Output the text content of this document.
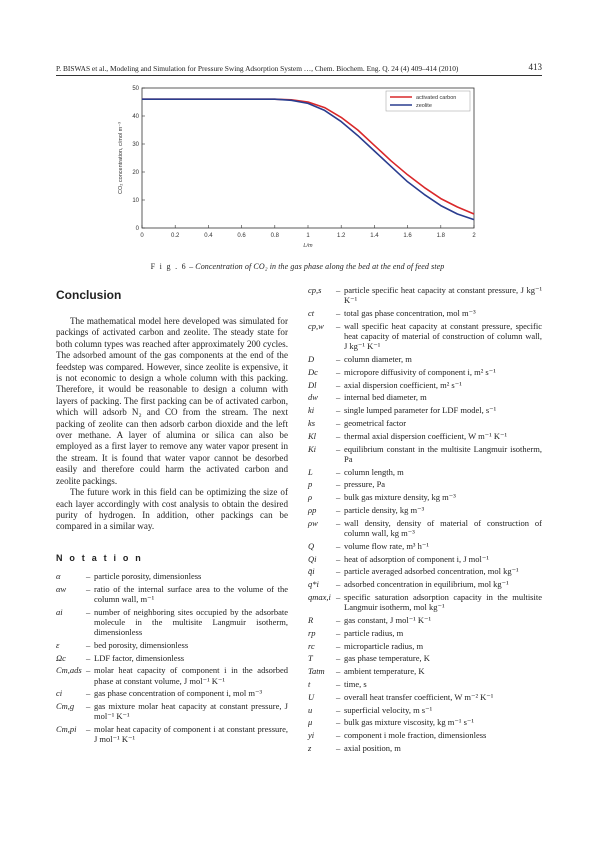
P. BISWAS et al., Modeling and Simulation for Pressure Swing Adsorption System …, Chem. Biochem. Eng. Q. 24 (4) 409–414 (2010)	413
0	0.2	0.4	0.6	0.8	1	1.2	1.4	1.6	1.8	2
0
10
20
30
40
50
L/m
CO₂ concentration, c/mol m⁻³
activated carbon
zeolite
F i g . 6 – Concentration of CO₂ in the gas phase along the bed at the end of feed step
Conclusion

The mathematical model here developed was simulated for packings of activated carbon and zeolite. The steady state for both column types was reached after approximately 200 cycles. The adsorbed amount of the gas components at the end of the feedstep was compared. However, since zeolite is expensive, it is not economic to design a whole column with this packing. Therefore, it would be reasonable to design a column with layers of packing. The first packing can be of activated carbon, which will adsorb N₂ and CO from the stream. The next packing of zeolite can then adsorb carbon dioxide and the left over methane. A layer of alumina or silica can also be employed as a first layer to remove any water vapor present in the stream. It is found that water vapor cannot be desorbed easily and therefore could harm the activated carbon and zeolite packings.

The future work in this field can be optimizing the size of each layer accordingly with cost analysis to obtain the desired purity of hydrogen. In addition, other packings can be compared in a similar way.

N o t a t i o n
α	– particle porosity, dimensionless
αw	– ratio of the internal surface area to the volume of the column wall, m⁻¹
ai	– number of neighboring sites occupied by the adsorbate molecule in the multisite Langmuir isotherm, dimensionless
ε	– bed porosity, dimensionless
Ωc	– LDF factor, dimensionless
Cm,ads – molar heat capacity of component i in the adsorbed phase at constant volume, J mol⁻¹ K⁻¹
ci	– gas phase concentration of component i, mol m⁻³
Cm,g	– gas mixture molar heat capacity at constant pressure, J mol⁻¹ K⁻¹
Cm,pi	– molar heat capacity of component i at constant pressure, J mol⁻¹ K⁻¹
cp,s	– particle specific heat capacity at constant pressure, J kg⁻¹ K⁻¹
ct	– total gas phase concentration, mol m⁻³
cp,w	– wall specific heat capacity at constant pressure, specific heat capacity of material of construction of column wall, J kg⁻¹ K⁻¹
D	– column diameter, m
Dc	– micropore diffusivity of component i, m² s⁻¹
Dl	– axial dispersion coefficient, m² s⁻¹
dw	– internal bed diameter, m
ki	– single lumped parameter for LDF model, s⁻¹
ks	– geometrical factor
Kl	– thermal axial dispersion coefficient, W m⁻¹ K⁻¹
Ki	– equilibrium constant in the multisite Langmuir isotherm, Pa
L	– column length, m
p	– pressure, Pa
ρ	– bulk gas mixture density, kg m⁻³
ρp	– particle density, kg m⁻³
ρw	– wall density, density of material of construction of column wall, kg m⁻³
Q	– volume flow rate, m³ h⁻¹
Qi	– heat of adsorption of component i, J mol⁻¹
q̄i	– particle averaged adsorbed concentration, mol kg⁻¹
q*i	– adsorbed concentration in equilibrium, mol kg⁻¹
qmax,i – specific saturation adsorption capacity in the multisite Langmuir isotherm, mol kg⁻¹
R	– gas constant, J mol⁻¹ K⁻¹
rp	– particle radius, m
rc	– microparticle radius, m
T	– gas phase temperature, K
Tatm	– ambient temperature, K
t	– time, s
U	– overall heat transfer coefficient, W m⁻² K⁻¹
u	– superficial velocity, m s⁻¹
μ	– bulk gas mixture viscosity, kg m⁻¹ s⁻¹
yi	– component i mole fraction, dimensionless
z	– axial position, m
